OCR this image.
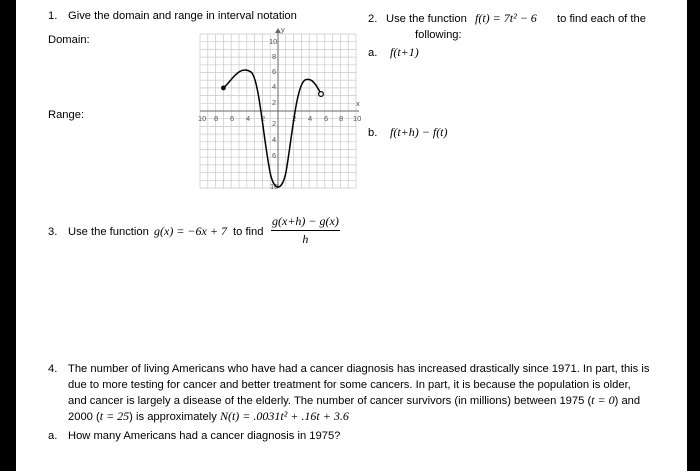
1. Give the domain and range in interval notation
Domain:
Range:
y
x
10
8
6
4
2
2
4
6
10
10 8 6 4 2	2 4 6 8 10
2. Use the function f(t) = 7t² − 6 to find each of the
following:
a. f(t+1)
b. f(t+h) − f(t)
3. Use the function g(x) = −6x + 7 to find $\frac{g(x+h) - g(x)}{h}$
4. The number of living Americans who have had a cancer diagnosis has increased drastically since 1971. In part, this is
due to more testing for cancer and better treatment for some cancers. In part, it is because the population is older,
and cancer is largely a disease of the elderly. The number of cancer survivors (in millions) between 1975 (t = 0) and
2000 (t = 25) is approximately N(t) = .0031t² + .16t + 3.6
a. How many Americans had a cancer diagnosis in 1975?
